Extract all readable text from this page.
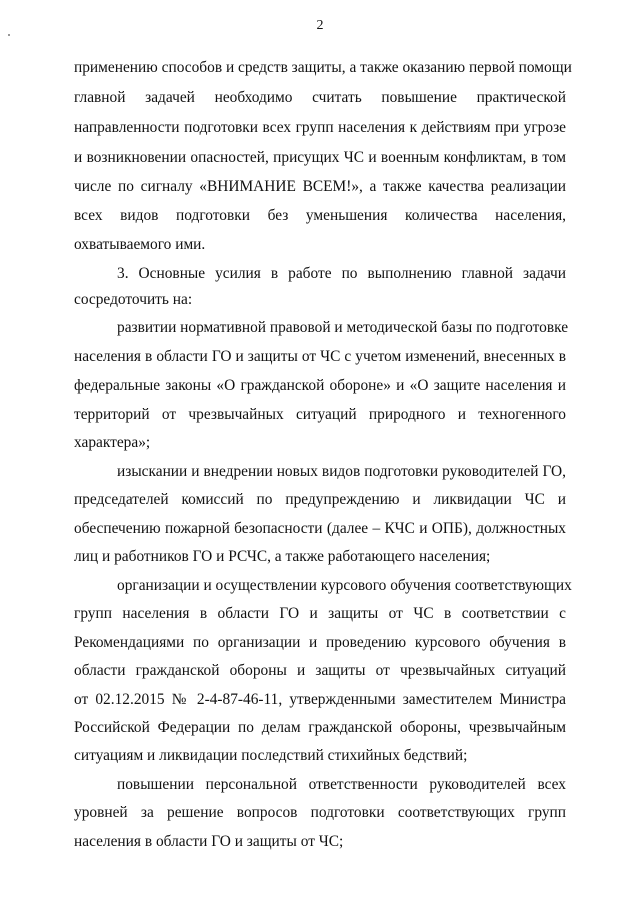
2
применению способов и средств защиты, а также оказанию первой помощи
главной задачей необходимо считать повышение практической
направленности подготовки всех групп населения к действиям при угрозе
и возникновении опасностей, присущих ЧС и военным конфликтам, в том
числе по сигналу «ВНИМАНИЕ ВСЕМ!», а также качества реализации
всех видов подготовки без уменьшения количества населения,
охватываемого ими.
3. Основные усилия в работе по выполнению главной задачи
сосредоточить на:
развитии нормативной правовой и методической базы по подготовке
населения в области ГО и защиты от ЧС с учетом изменений, внесенных в
федеральные законы «О гражданской обороне» и «О защите населения и
территорий от чрезвычайных ситуаций природного и техногенного
характера»;
изыскании и внедрении новых видов подготовки руководителей ГО,
председателей комиссий по предупреждению и ликвидации ЧС и
обеспечению пожарной безопасности (далее – КЧС и ОПБ), должностных
лиц и работников ГО и РСЧС, а также работающего населения;
организации и осуществлении курсового обучения соответствующих
групп населения в области ГО и защиты от ЧС в соответствии с
Рекомендациями по организации и проведению курсового обучения в
области гражданской обороны и защиты от чрезвычайных ситуаций
от 02.12.2015 № 2-4-87-46-11, утвержденными заместителем Министра
Российской Федерации по делам гражданской обороны, чрезвычайным
ситуациям и ликвидации последствий стихийных бедствий;
повышении персональной ответственности руководителей всех
уровней за решение вопросов подготовки соответствующих групп
населения в области ГО и защиты от ЧС;
